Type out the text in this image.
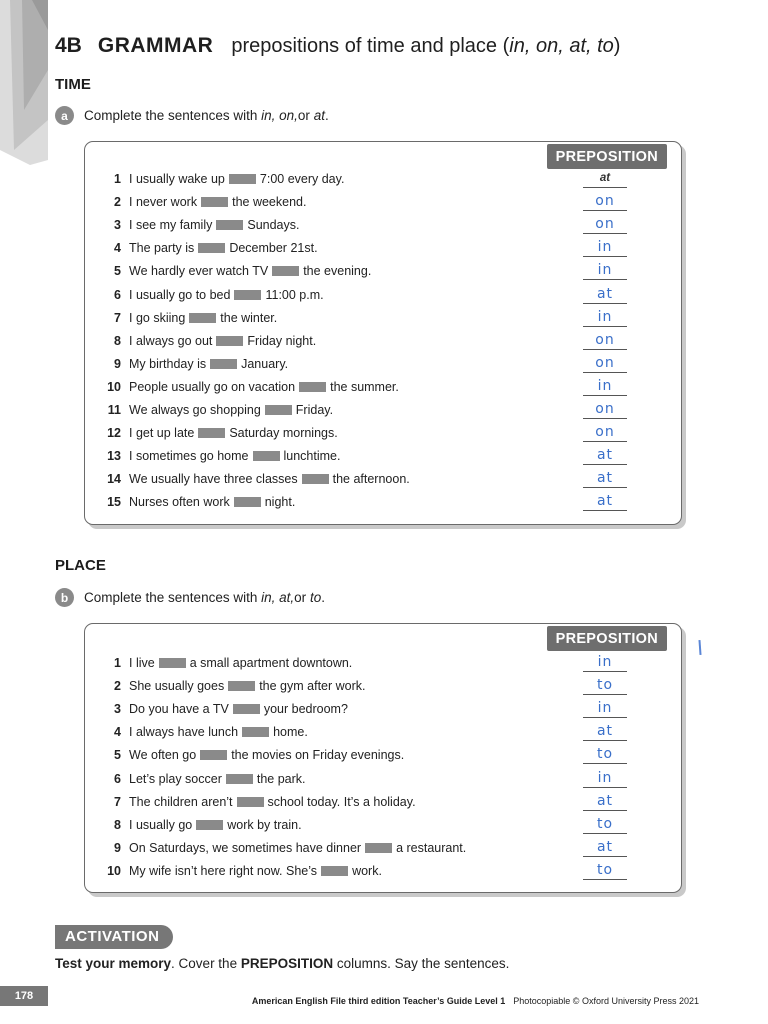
4B GRAMMAR prepositions of time and place (in, on, at, to)
TIME
a	Complete the sentences with
in, on, or
at .
PREPOSITION
1 I usually wake up	7:00 every day.	at
2 I never work	the weekend.	on
3 I see my family	Sundays.	on
4 The party is	December 21st.	in
5 We hardly ever watch TV	the evening.	in
6 I usually go to bed	11:00 p.m.	at
7 I go skiing	the winter.	in
8 I always go out	Friday night.	on
9 My birthday is	January.	on
10 People usually go on vacation	the summer.	in
11 We always go shopping	Friday.	on
12 I get up late	Saturday mornings.	on
13 I sometimes go home	lunchtime.	at
14 We usually have three classes	the afternoon.	at
15 Nurses often work	night.	at
PLACE
b	Complete the sentences with
in, at, or
to .
PREPOSITION
1 I live	a small apartment downtown.	in
2 She usually goes	the gym after work.	to
3 Do you have a TV	your bedroom?	in
4 I always have lunch	home.	at
5 We often go	the movies on Friday evenings.	to
6 Let’s play soccer	the park.	in
7 The children aren’t	school today. It’s a holiday.	at
8 I usually go	work by train.	to
9 On Saturdays, we sometimes have dinner	a restaurant.	at
10 My wife isn’t here right now. She’s	work.	to
ACTIVATION
Test your memory. Cover the PREPOSITION columns. Say the sentences.
178	American English File third edition Teacher’s Guide Level 1 Photocopiable © Oxford University Press 2021
